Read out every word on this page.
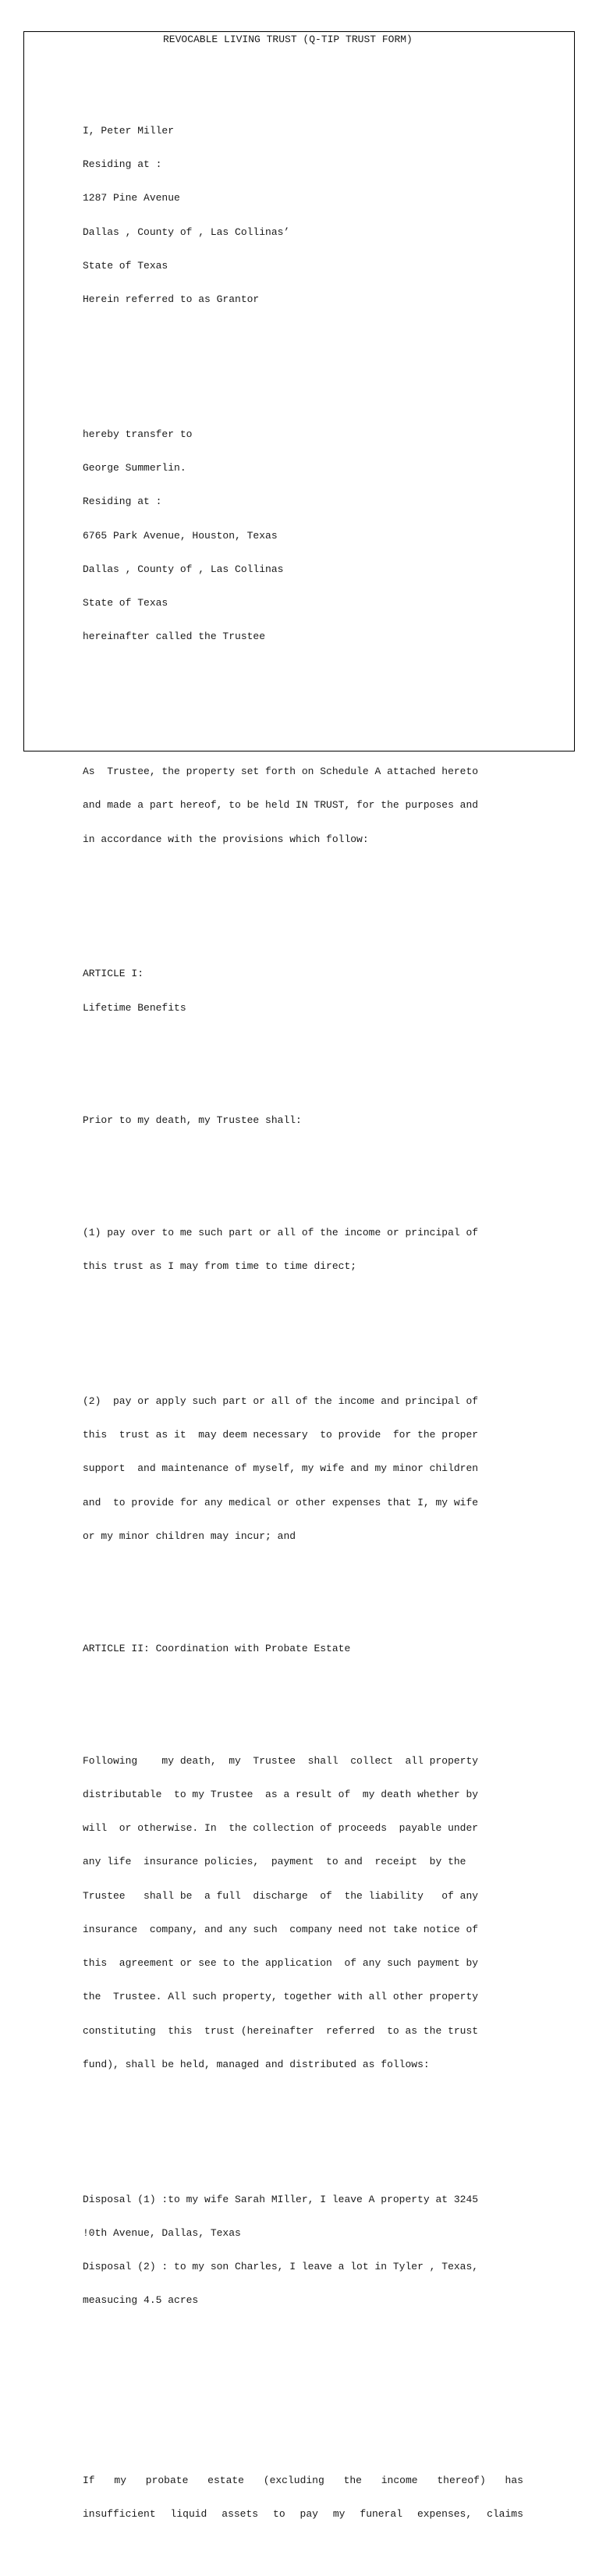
REVOCABLE LIVING TRUST (Q-TIP TRUST FORM)

I, Peter Miller

Residing at :

1287 Pine Avenue

Dallas , County of , Las Collinas’

State of Texas

Herein referred to as Grantor

hereby transfer to

George Summerlin.

Residing at :

6765 Park Avenue, Houston, Texas

Dallas , County of , Las Collinas

State of Texas

hereinafter called the Trustee

As  Trustee, the property set forth on Schedule A attached hereto

and made a part hereof, to be held IN TRUST, for the purposes and

in accordance with the provisions which follow:

ARTICLE I:

Lifetime Benefits

Prior to my death, my Trustee shall:

(1) pay over to me such part or all of the income or principal of

this trust as I may from time to time direct;

(2)  pay or apply such part or all of the income and principal of

this  trust as it  may deem necessary  to provide  for the proper

support  and maintenance of myself, my wife and my minor children

and  to provide for any medical or other expenses that I, my wife

or my minor children may incur; and

ARTICLE II: Coordination with Probate Estate

Following    my death,  my  Trustee  shall  collect  all property

distributable  to my Trustee  as a result of  my death whether by

will  or otherwise. In  the collection of proceeds  payable under

any life  insurance policies,  payment  to and  receipt  by the

Trustee   shall be  a full  discharge  of  the liability   of any

insurance  company, and any such  company need not take notice of

this  agreement or see to the application  of any such payment by

the  Trustee. All such property, together with all other property

constituting  this  trust (hereinafter  referred  to as the trust

fund), shall be held, managed and distributed as follows:

Disposal (1) :to my wife Sarah MIller, I leave A property at 3245

!0th Avenue, Dallas, Texas

Disposal (2) : to my son Charles, I leave a lot in Tyler , Texas,

measucing 4.5 acres

If my probate estate (excluding the income thereof) has

insufficient liquid assets to pay my funeral expenses, claims
